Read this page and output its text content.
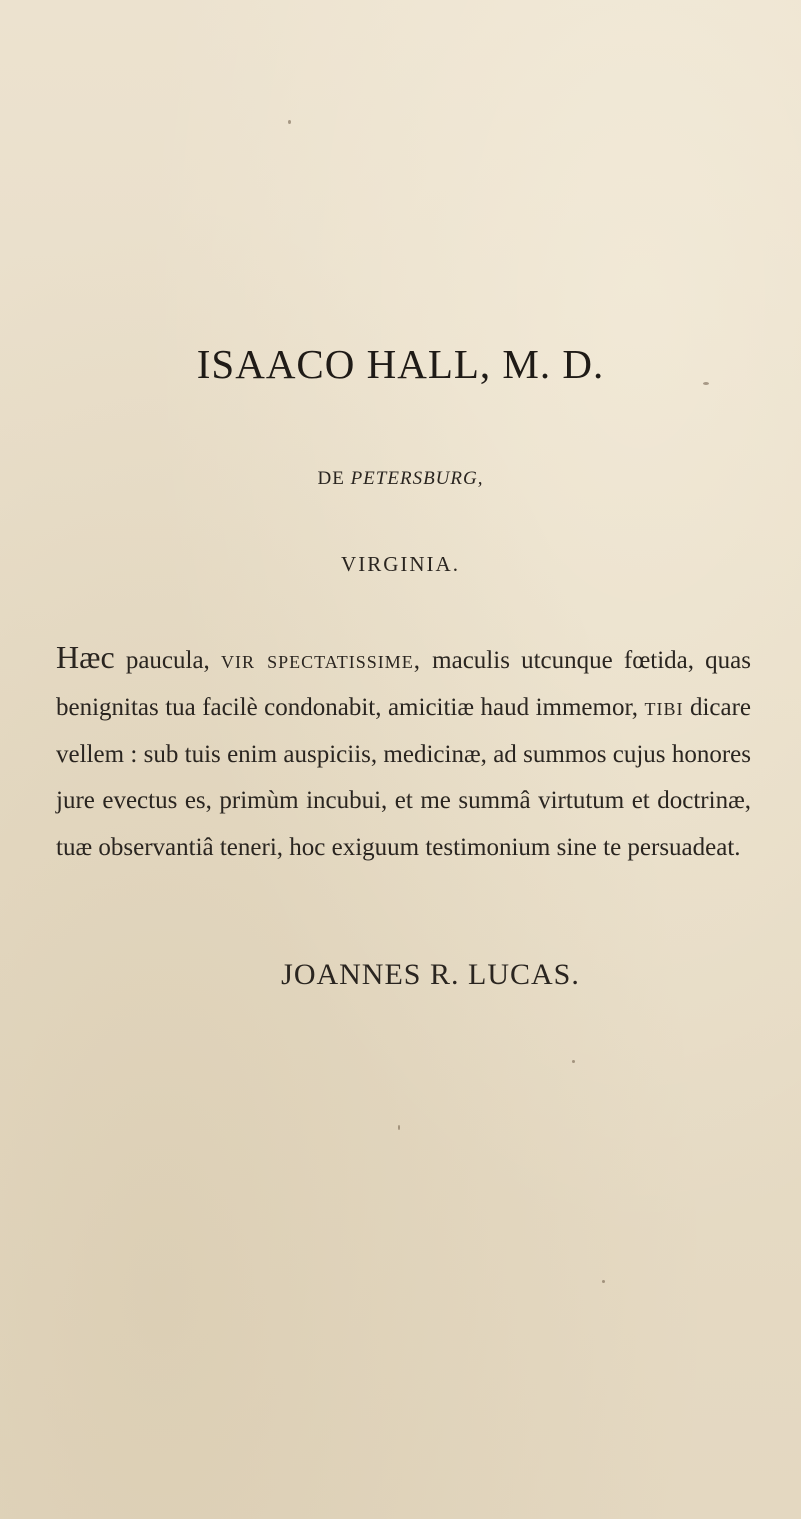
ISAACO HALL, M. D.
DE PETERSBURG,
VIRGINIA.

Hæc paucula, vir spectatissime, maculis utcunque fœtida, quas benignitas tua facilè condonabit, amicitiæ haud immemor, tibi dicare vellem : sub tuis enim auspiciis, medicinæ, ad summos cujus honores jure evectus es, primùm incubui, et me summâ virtutum et doctrinæ, tuæ observantiâ teneri, hoc exiguum testimonium sine te persuadeat.

JOANNES R. LUCAS.
